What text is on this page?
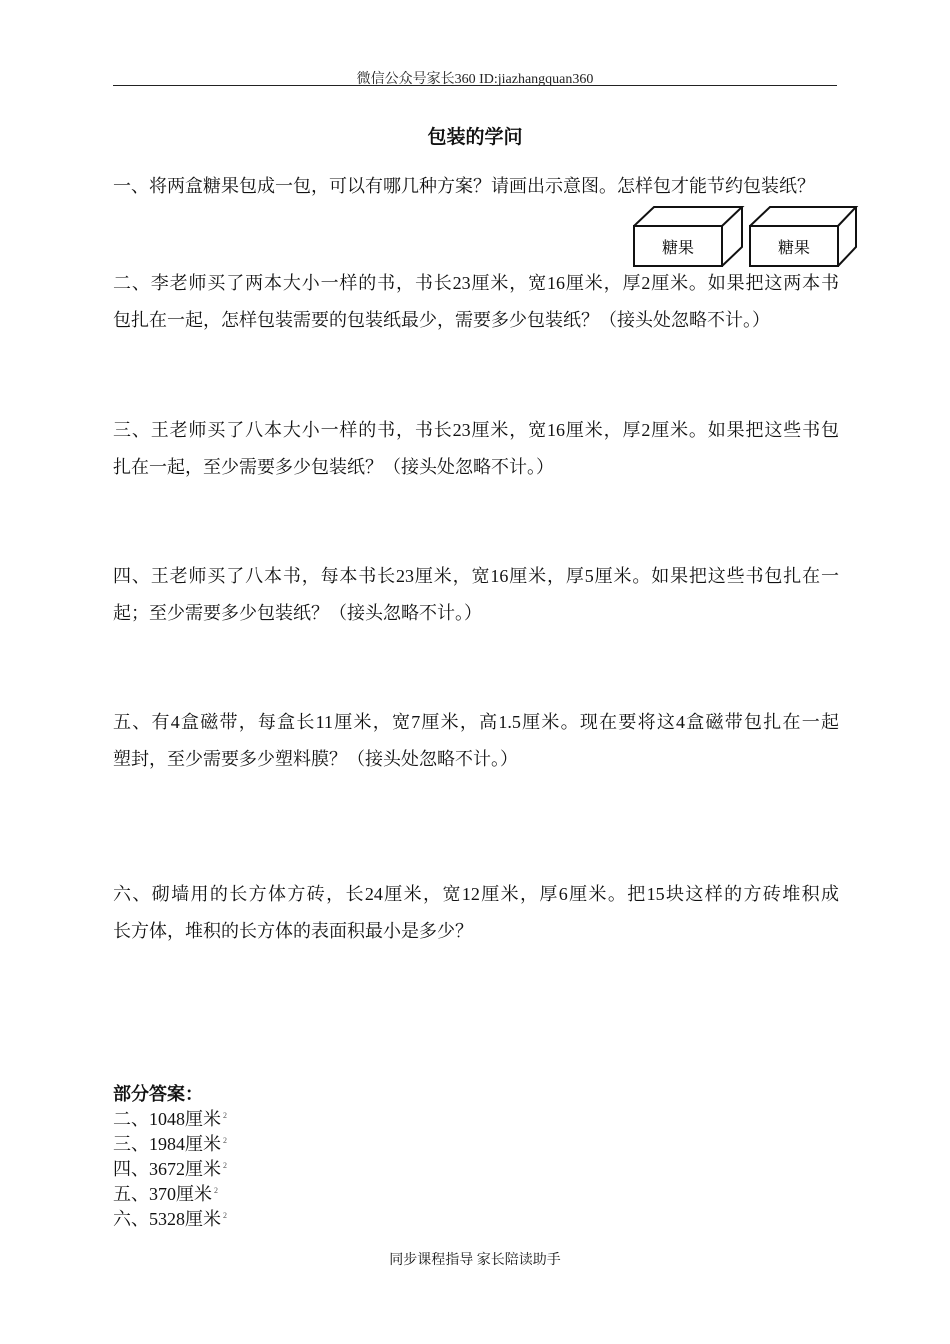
微信公众号家长360 ID:jiazhangquan360
包装的学问
一、将两盒糖果包成一包，可以有哪几种方案？请画出示意图。怎样包才能节约包装纸？
糖果	糖果
二、李老师买了两本大小一样的书，书长23厘米，宽16厘米，厚2厘米。如果把这两本书
包扎在一起，怎样包装需要的包装纸最少，需要多少包装纸？（接头处忽略不计。）
三、王老师买了八本大小一样的书，书长23厘米，宽16厘米，厚2厘米。如果把这些书包
扎在一起，至少需要多少包装纸？（接头处忽略不计。）
四、王老师买了八本书，每本书长23厘米，宽16厘米，厚5厘米。如果把这些书包扎在一
起；至少需要多少包装纸？（接头忽略不计。）
五、有4盒磁带，每盒长11厘米，宽7厘米，高1.5厘米。现在要将这4盒磁带包扎在一起
塑封，至少需要多少塑料膜？（接头处忽略不计。）
六、砌墙用的长方体方砖，长24厘米，宽12厘米，厚6厘米。把15块这样的方砖堆积成
长方体，堆积的长方体的表面积最小是多少？
部分答案：
二、1048厘米 $^2$
三、1984厘米 $^2$
四、3672厘米 $^2$
五、370厘米 $^2$
六、5328厘米 $^2$
同步课程指导 家长陪读助手
